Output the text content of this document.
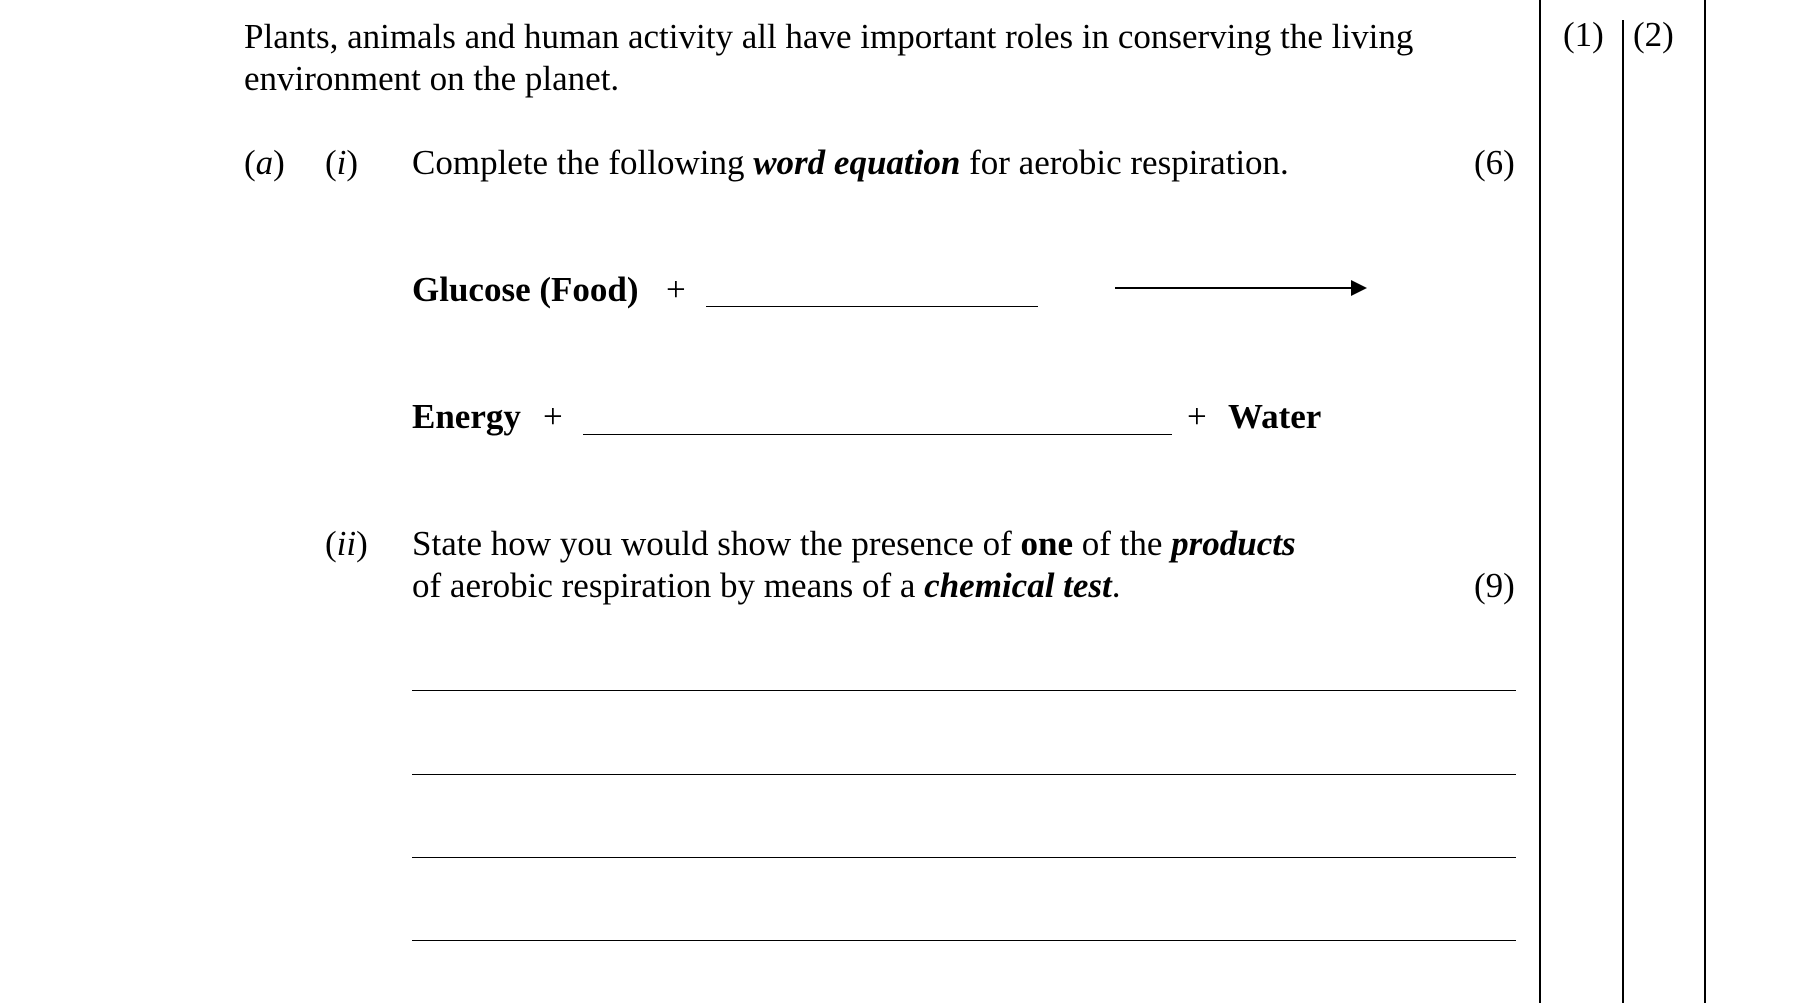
Plants, animals and human activity all have important roles in conserving the living
environment on the planet.
(a) (i) Complete the following word equation for aerobic respiration.	(6)
Glucose (Food) +
Energy +	+ Water
(ii) State how you would show the presence of one of the products
of aerobic respiration by means of a chemical test.	(9)
(1) (2)
